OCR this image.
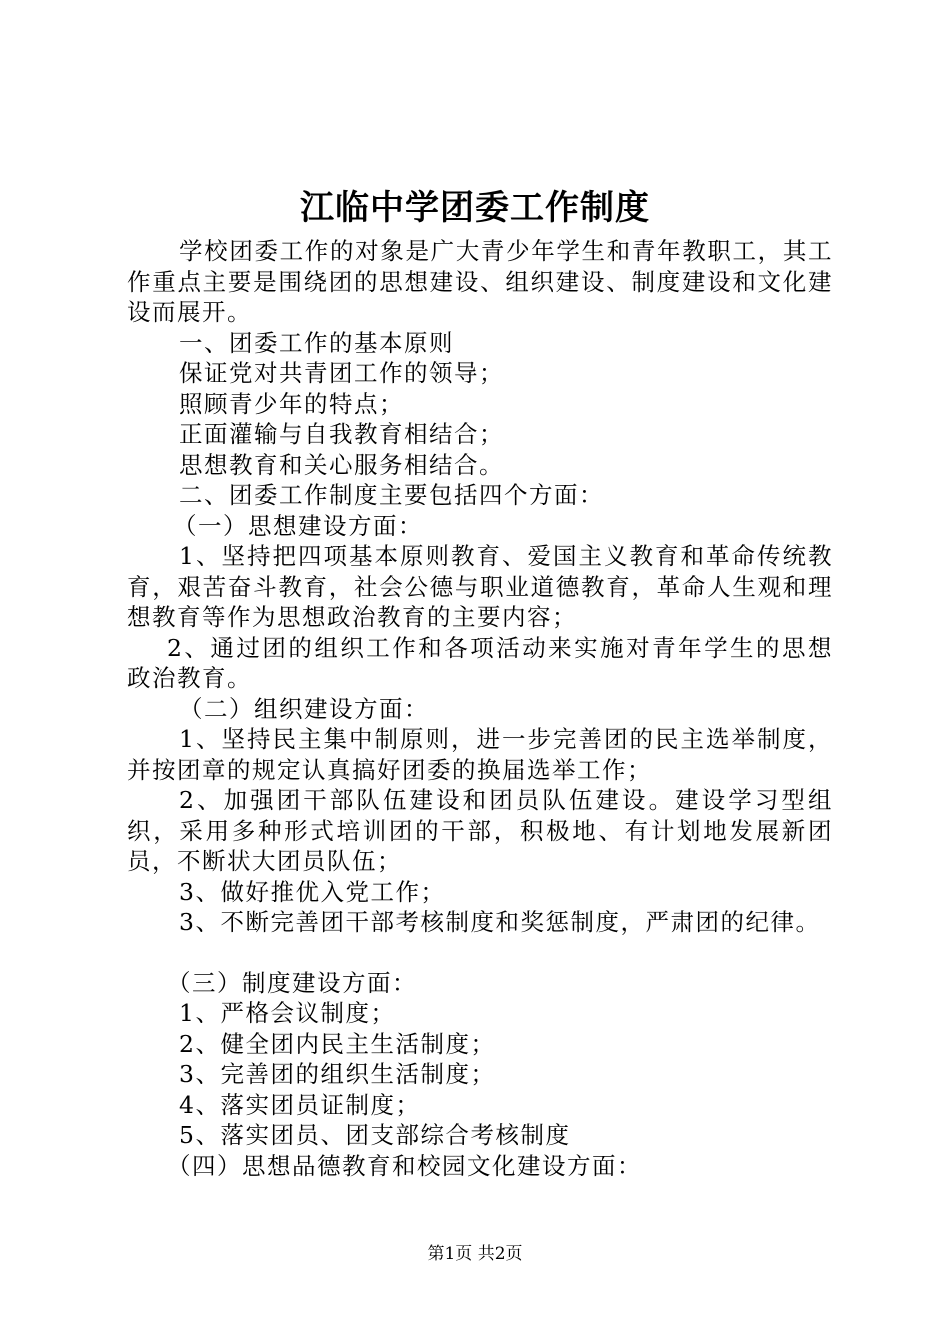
江临中学团委工作制度

学校团委工作的对象是广大青少年学生和青年教职工，其工作重点主要是围绕团的思想建设、组织建设、制度建设和文化建设而展开。

一、团委工作的基本原则

保证党对共青团工作的领导；

照顾青少年的特点；

正面灌输与自我教育相结合；

思想教育和关心服务相结合。

二、团委工作制度主要包括四个方面：

（一）思想建设方面：

1、坚持把四项基本原则教育、爱国主义教育和革命传统教育，艰苦奋斗教育，社会公德与职业道德教育，革命人生观和理想教育等作为思想政治教育的主要内容；

2、通过团的组织工作和各项活动来实施对青年学生的思想政治教育。

（二）组织建设方面：

1、坚持民主集中制原则，进一步完善团的民主选举制度，并按团章的规定认真搞好团委的换届选举工作；

2、加强团干部队伍建设和团员队伍建设。建设学习型组织，采用多种形式培训团的干部，积极地、有计划地发展新团员，不断状大团员队伍；

3、做好推优入党工作；

3、不断完善团干部考核制度和奖惩制度，严肃团的纪律。

（三）制度建设方面：

1、严格会议制度；

2、健全团内民主生活制度；

3、完善团的组织生活制度；

4、落实团员证制度；

5、落实团员、团支部综合考核制度

（四）思想品德教育和校园文化建设方面：

第1页 共2页
